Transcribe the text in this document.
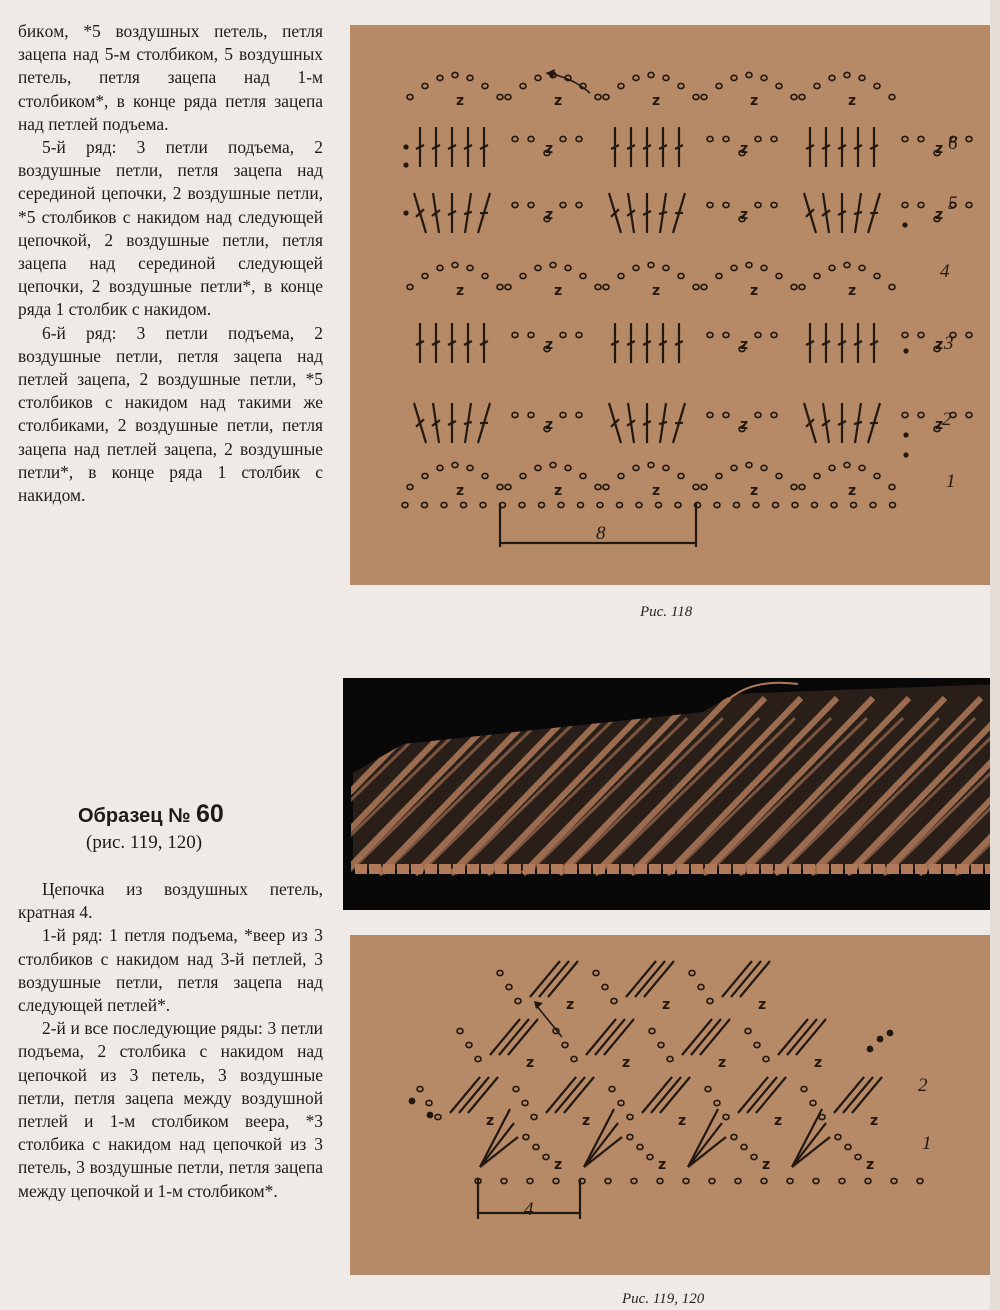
бикoм, *5 воздушных петель, петля зацепа над 5-м столбиком, 5 воздушных петель, петля зацепа над 1-м столбиком*, в конце ряда петля зацепа над петлей подъема.

5-й ряд: 3 петли подъема, 2 воздушные петли, петля зацепа над серединой цепочки, 2 воздушные петли, *5 столбиков с накидом над следующей цепочкой, 2 воздушные петли, петля зацепа над серединой следующей цепочки, 2 воздушные петли*, в конце ряда 1 столбик с накидом.

6-й ряд: 3 петли подъема, 2 воздушные петли, петля зацепа над петлей зацепа, 2 воздушные петли, *5 столбиков с накидом над такими же столбиками, 2 воздушные петли, петля зацепа над петлей зацепа, 2 воздушные петли*, в конце ряда 1 столбик с накидом.

Образец № 60
(рис. 119, 120)

Цепочка из воздушных петель, кратная 4.

1-й ряд: 1 петля подъема, *веер из 3 столбиков с накидом над 3-й петлей, 3 воздушные петли, петля зацепа над следующей петлей*.

2-й и все последующие ряды: 3 петли подъема, 2 столбика с накидом над цепочкой из 3 петель, 3 воздушные петли, петля зацепа между воздушной петлей и 1-м столбиком веера, *3 столбика с накидом над цепочкой из 3 петель, 3 воздушные петли, петля зацепа между цепочкой и 1-м столбиком*.

z	z	z	z	z
z	z	z	z	z
z	z	z	z	z
z	z	z
z	z	z
z	z	z
z	z	z 6
5
4
3
2
1
8
Рис. 118
z	z	z	z
z	z	z	z	z
z	z	z	z
z	z	z
2
1
4
Рис. 119, 120
